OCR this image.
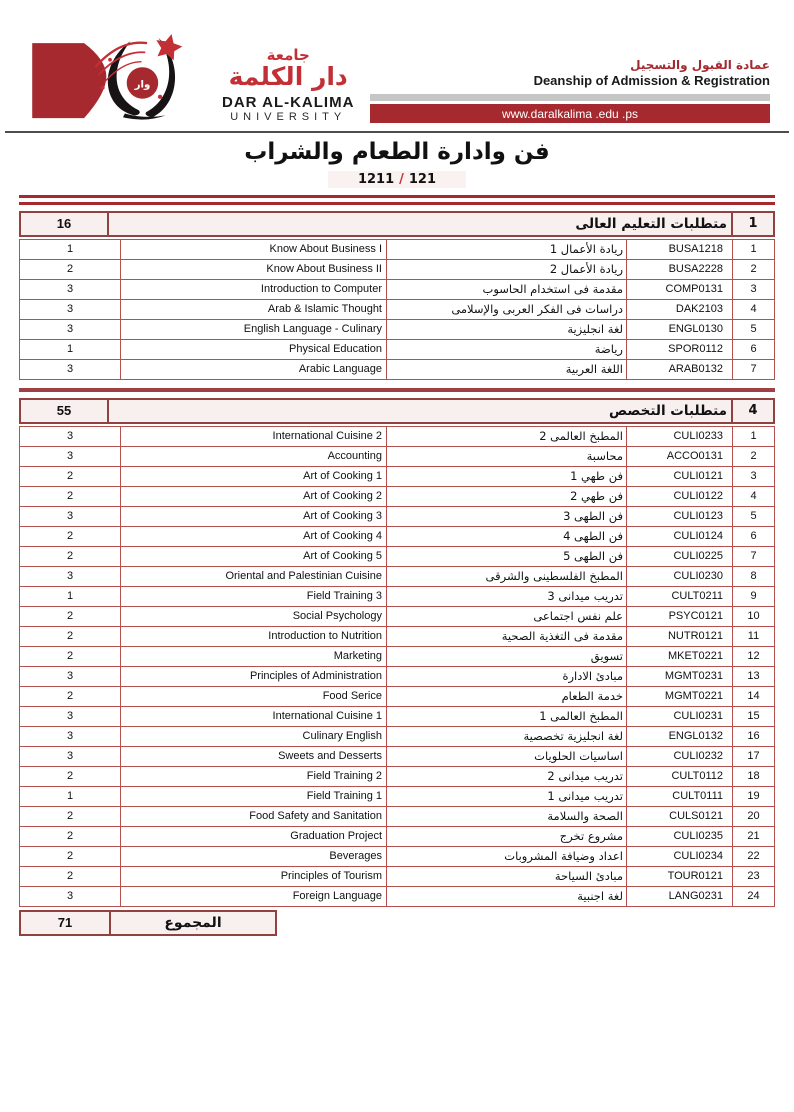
وار
جامعة
دار الكلمة
DAR AL-KALIMA
UNIVERSITY
عمادة القبول والتسجيل
Deanship of Admission & Registration
www.daralkalima .edu .ps
فن وادارة الطعام والشراب
1211 / 121
1
متطلبات التعليم العالى
16
1
BUSA1218
ريادة الأعمال 1
Know About Business I
1
2
BUSA2228
ريادة الأعمال 2
Know About Business II
2
3
COMP0131
مقدمة فى استخدام الحاسوب
Introduction to Computer
3
4
DAK2103
دراسات فى الفكر العربى والإسلامى
Arab & Islamic Thought
3
5
ENGL0130
لغة انجليزية
English Language - Culinary
3
6
SPOR0112
رياضة
Physical Education
1
7
ARAB0132
اللغة العربية
Arabic Language
3
4
متطلبات التخصص
55
1
CULI0233
المطبخ العالمى 2
International Cuisine 2
3
2
ACCO0131
محاسبة
Accounting
3
3
CULI0121
فن طهي 1
Art of Cooking 1
2
4
CULI0122
فن طهي 2
Art of Cooking 2
2
5
CULI0123
فن الطهى 3
Art of Cooking 3
3
6
CULI0124
فن الطهى 4
Art of Cooking 4
2
7
CULI0225
فن الطهى 5
Art of Cooking 5
2
8
CULI0230
المطبخ الفلسطينى والشرقى
Oriental and Palestinian Cuisine
3
9
CULT0211
تدريب ميدانى 3
Field Training 3
1
10
PSYC0121
علم نفس اجتماعى
Social Psychology
2
11
NUTR0121
مقدمة فى التغذية الصحية
Introduction to Nutrition
2
12
MKET0221
تسويق
Marketing
2
13
MGMT0231
مبادئ الادارة
Principles of Administration
3
14
MGMT0221
خدمة الطعام
Food Serice
2
15
CULI0231
المطبخ العالمى 1
International Cuisine 1
3
16
ENGL0132
لغة انجليزية تخصصية
Culinary English
3
17
CULI0232
اساسيات الحلويات
Sweets and Desserts
3
18
CULT0112
تدريب ميدانى 2
Field Training 2
2
19
CULT0111
تدريب ميدانى 1
Field Training 1
1
20
CULS0121
الصحة والسلامة
Food Safety and Sanitation
2
21
CULI0235
مشروع تخرج
Graduation Project
2
22
CULI0234
اعداد وضيافة المشروبات
Beverages
2
23
TOUR0121
مبادئ السياحة
Principles of Tourism
2
24
LANG0231
لغة اجنبية
Foreign Language
3
المجموع
71
